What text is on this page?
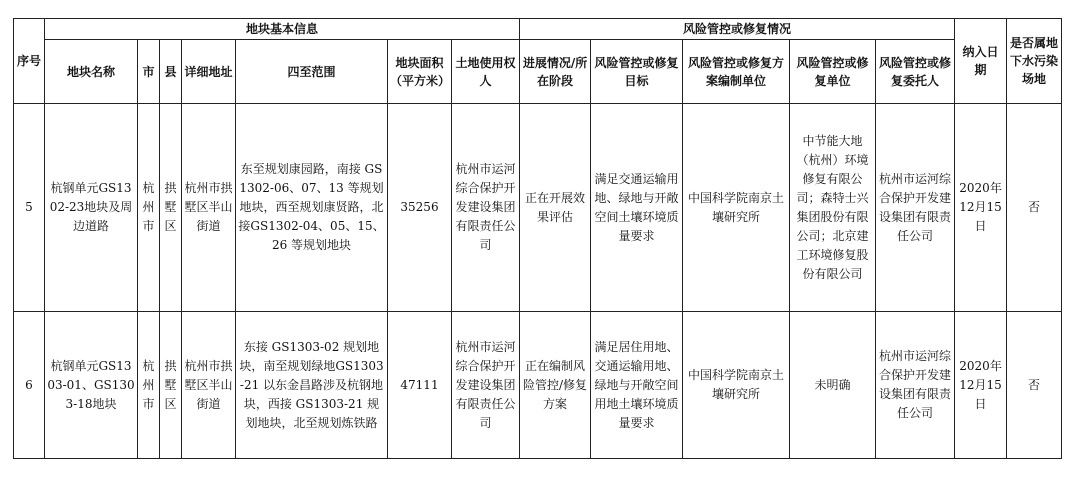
序号	地块基本信息							风险管控或修复情况					纳入日期	是否属地下水污染场地
	地块名称	市	县	详细地址	四至范围	地块面积（平方米）	土地使用权人	进展情况/所在阶段	风险管控或修复目标	风险管控或修复方案编制单位	风险管控或修复单位	风险管控或修复委托人		
5	杭钢单元GS1302-23地块及周边道路	杭州市	拱墅区	杭州市拱墅区半山街道	东至规划康园路，南接 GS1302-06、07、13 等规划地块，西至规划康贤路，北接GS1302-04、05、15、26 等规划地块	35256	杭州市运河综合保护开发建设集团有限责任公司	正在开展效果评估	满足交通运输用地、绿地与开敞空间土壤环境质量要求	中国科学院南京土壤研究所	中节能大地（杭州）环境修复有限公司；森特士兴集团股份有限公司；北京建工环境修复股份有限公司	杭州市运河综合保护开发建设集团有限责任公司	2020年12月15日	否
6	杭钢单元GS1303-01、GS1303-18地块	杭州市	拱墅区	杭州市拱墅区半山街道	东接 GS1303-02 规划地块，南至规划绿地GS1303-21 以东金昌路涉及杭钢地块，西接 GS1303-21 规划地块，北至规划炼铁路	47111	杭州市运河综合保护开发建设集团有限责任公司	正在编制风险管控/修复方案	满足居住用地、交通运输用地、绿地与开敞空间用地土壤环境质量要求	中国科学院南京土壤研究所	未明确	杭州市运河综合保护开发建设集团有限责任公司	2020年12月15日	否
